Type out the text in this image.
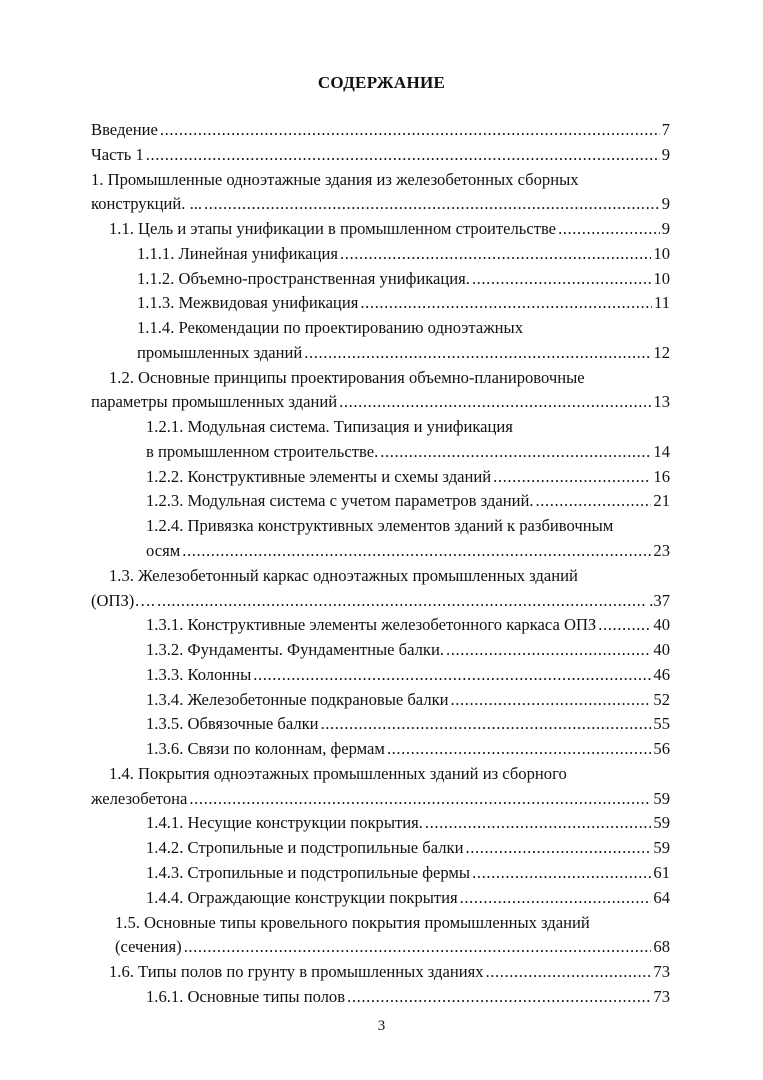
СОДЕРЖАНИЕ
Введение .....	7
Часть 1 .....	9
1. Промышленные одноэтажные здания из железобетонных сборных
конструкций. ... .....	9
1.1. Цель и этапы унификации в промышленном строительстве .....	9
1.1.1. Линейная унификация .....	10
1.1.2. Объемно-пространственная унификация. .....	10
1.1.3. Межвидовая унификация .....	11
1.1.4. Рекомендации по проектированию одноэтажных
промышленных зданий .....	12
1.2. Основные принципы проектирования объемно-планировочные
параметры промышленных зданий .....	13
1.2.1. Модульная система. Типизация и унификация
в промышленном строительстве. .....	14
1.2.2. Конструктивные элементы и схемы зданий .....	16
1.2.3. Модульная система с учетом параметров зданий. .....	21
1.2.4. Привязка конструктивных элементов зданий к разбивочным
осям .....	23
1.3. Железобетонный каркас одноэтажных промышленных зданий
(ОПЗ)…. .....	.37
1.3.1. Конструктивные элементы железобетонного каркаса ОПЗ .....	40
1.3.2. Фундаменты. Фундаментные балки. .....	40
1.3.3. Колонны .....	46
1.3.4. Железобетонные подкрановые балки .....	52
1.3.5. Обвязочные балки .....	55
1.3.6. Связи по колоннам, фермам .....	56
1.4. Покрытия одноэтажных промышленных зданий из сборного
железобетона .....	59
1.4.1. Несущие конструкции покрытия. .....	59
1.4.2. Стропильные и подстропильные балки .....	59
1.4.3. Стропильные и подстропильные фермы .....	61
1.4.4. Ограждающие конструкции покрытия .....	64
1.5. Основные типы кровельного покрытия промышленных зданий
(сечения) .....	68
1.6. Типы полов по грунту в промышленных зданиях .....	73
1.6.1. Основные типы полов .....	73
3
